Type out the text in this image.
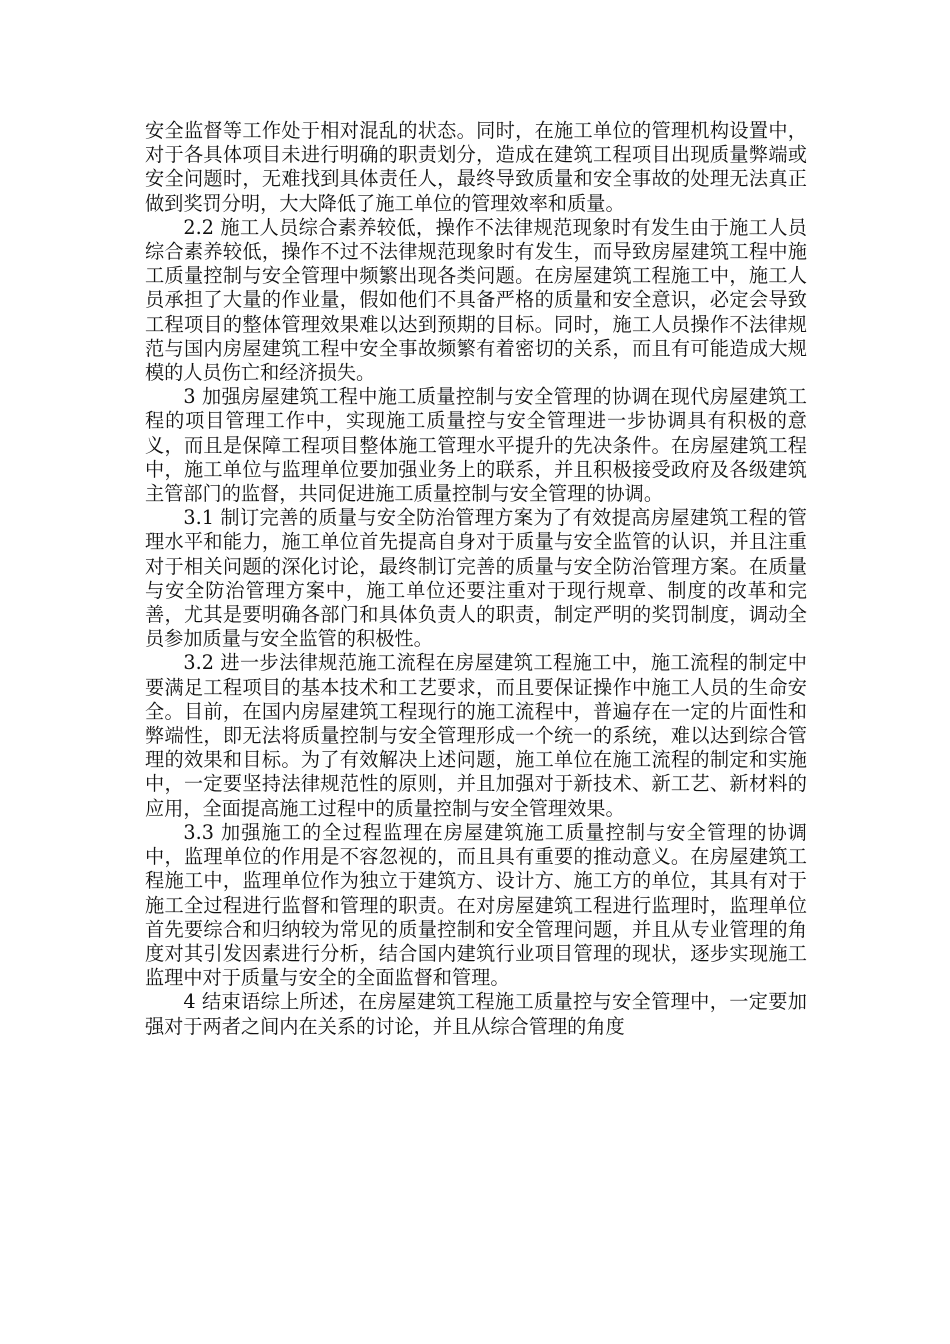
安全监督等工作处于相对混乱的状态。同时，在施工单位的管理机构设置中，对于各具体项目未进行明确的职责划分，造成在建筑工程项目出现质量弊端或安全问题时，无难找到具体责任人，最终导致质量和安全事故的处理无法真正做到奖罚分明，大大降低了施工单位的管理效率和质量。

2.2 施工人员综合素养较低，操作不法律规范现象时有发生由于施工人员综合素养较低，操作不过不法律规范现象时有发生，而导致房屋建筑工程中施工质量控制与安全管理中频繁出现各类问题。在房屋建筑工程施工中，施工人员承担了大量的作业量，假如他们不具备严格的质量和安全意识，必定会导致工程项目的整体管理效果难以达到预期的目标。同时，施工人员操作不法律规范与国内房屋建筑工程中安全事故频繁有着密切的关系，而且有可能造成大规模的人员伤亡和经济损失。

3 加强房屋建筑工程中施工质量控制与安全管理的协调在现代房屋建筑工程的项目管理工作中，实现施工质量控与安全管理进一步协调具有积极的意义，而且是保障工程项目整体施工管理水平提升的先决条件。在房屋建筑工程中，施工单位与监理单位要加强业务上的联系，并且积极接受政府及各级建筑主管部门的监督，共同促进施工质量控制与安全管理的协调。

3.1 制订完善的质量与安全防治管理方案为了有效提高房屋建筑工程的管理水平和能力，施工单位首先提高自身对于质量与安全监管的认识，并且注重对于相关问题的深化讨论，最终制订完善的质量与安全防治管理方案。在质量与安全防治管理方案中，施工单位还要注重对于现行规章、制度的改革和完善，尤其是要明确各部门和具体负责人的职责，制定严明的奖罚制度，调动全员参加质量与安全监管的积极性。

3.2 进一步法律规范施工流程在房屋建筑工程施工中，施工流程的制定中要满足工程项目的基本技术和工艺要求，而且要保证操作中施工人员的生命安全。目前，在国内房屋建筑工程现行的施工流程中，普遍存在一定的片面性和弊端性，即无法将质量控制与安全管理形成一个统一的系统，难以达到综合管理的效果和目标。为了有效解决上述问题，施工单位在施工流程的制定和实施中，一定要坚持法律规范性的原则，并且加强对于新技术、新工艺、新材料的应用，全面提高施工过程中的质量控制与安全管理效果。

3.3 加强施工的全过程监理在房屋建筑施工质量控制与安全管理的协调中，监理单位的作用是不容忽视的，而且具有重要的推动意义。在房屋建筑工程施工中，监理单位作为独立于建筑方、设计方、施工方的单位，其具有对于施工全过程进行监督和管理的职责。在对房屋建筑工程进行监理时，监理单位首先要综合和归纳较为常见的质量控制和安全管理问题，并且从专业管理的角度对其引发因素进行分析，结合国内建筑行业项目管理的现状，逐步实现施工监理中对于质量与安全的全面监督和管理。

4 结束语综上所述，在房屋建筑工程施工质量控与安全管理中，一定要加强对于两者之间内在关系的讨论，并且从综合管理的角度
